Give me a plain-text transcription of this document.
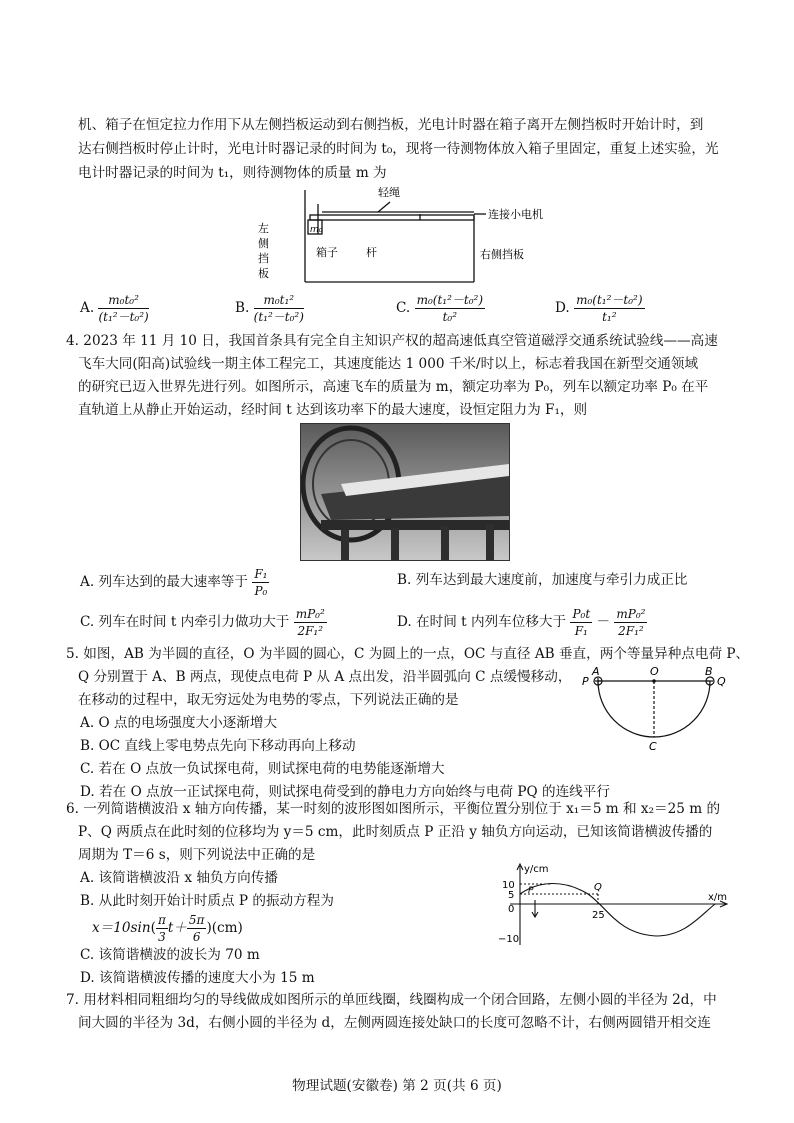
机、箱子在恒定拉力作用下从左侧挡板运动到右侧挡板，光电计时器在箱子离开左侧挡板时开始计时，到
达右侧挡板时停止计时，光电计时器记录的时间为 t₀，现将一待测物体放入箱子里固定，重复上述实验，光
电计时器记录的时间为 t₁，则待测物体的质量 m 为
轻绳
连接小电机
m₀
左
侧
挡
板
箱子	杆	右侧挡板
A. $\frac{\text{m₀t₀²}}{\text{(t₁²－t₀²)}}$	B. $\frac{\text{m₀t₁²}}{\text{(t₁²－t₀²)}}$	C. $\frac{\text{m₀(t₁²－t₀²)}}{\text{t₀²}}$	D. $\frac{\text{m₀(t₁²－t₀²)}}{\text{t₁²}}$
4. 2023 年 11 月 10 日，我国首条具有完全自主知识产权的超高速低真空管道磁浮交通系统试验线——高速
飞车大同(阳高)试验线一期主体工程完工，其速度能达 1 000 千米/时以上，标志着我国在新型交通领域
的研究已迈入世界先进行列。如图所示，高速飞车的质量为 m，额定功率为 P₀，列车以额定功率 P₀ 在平
直轨道上从静止开始运动，经时间 t 达到该功率下的最大速度，设恒定阻力为 F₁，则
A. 列车达到的最大速率等于 $\frac{\text{F₁}}{\text{P₀}}$	B. 列车达到最大速度前，加速度与牵引力成正比
C. 列车在时间 t 内牵引力做功大于 $\frac{\text{mP₀²}}{\text{2F₁²}}$	D. 在时间 t 内列车位移大于 $\frac{\text{P₀t}}{\text{F₁}} - \frac{\text{mP₀²}}{\text{2F₁²}}$
5. 如图，AB 为半圆的直径，O 为半圆的圆心，C 为圆上的一点，OC 与直径 AB 垂直，两个等量异种点电荷 P、
Q 分别置于 A、B 两点，现使点电荷 P 从 A 点出发，沿半圆弧向 C 点缓慢移动，
在移动的过程中，取无穷远处为电势的零点，下列说法正确的是
A. O 点的电场强度大小逐渐增大
B. OC 直线上零电势点先向下移动再向上移动
C. 若在 O 点放一负试探电荷，则试探电荷的电势能逐渐增大
D. 若在 O 点放一正试探电荷，则试探电荷受到的静电力方向始终与电荷 PQ 的连线平行
A	O	B
P	Q
C
6. 一列简谐横波沿 x 轴方向传播，某一时刻的波形图如图所示，平衡位置分别位于 x₁＝5 m 和 x₂＝25 m 的
P、Q 两质点在此时刻的位移均为 y＝5 cm，此时刻质点 P 正沿 y 轴负方向运动，已知该简谐横波传播的
周期为 T＝6 s，则下列说法中正确的是
A. 该简谐横波沿 x 轴负方向传播
B. 从此时刻开始计时质点 P 的振动方程为
$x=10\sin( \frac{\pi}{3} t+ \frac{5\pi}{6} )(cm)$
C. 该简谐横波的波长为 70 m
D. 该简谐横波传播的速度大小为 15 m
y/cm
x/m
10
5
0
−10
25
Q
P
7. 用材料相同粗细均匀的导线做成如图所示的单匝线圈，线圈构成一个闭合回路，左侧小圆的半径为 2d，中
间大圆的半径为 3d，右侧小圆的半径为 d，左侧两圆连接处缺口的长度可忽略不计，右侧两圆错开相交连
物理试题(安徽卷) 第 2 页(共 6 页)
